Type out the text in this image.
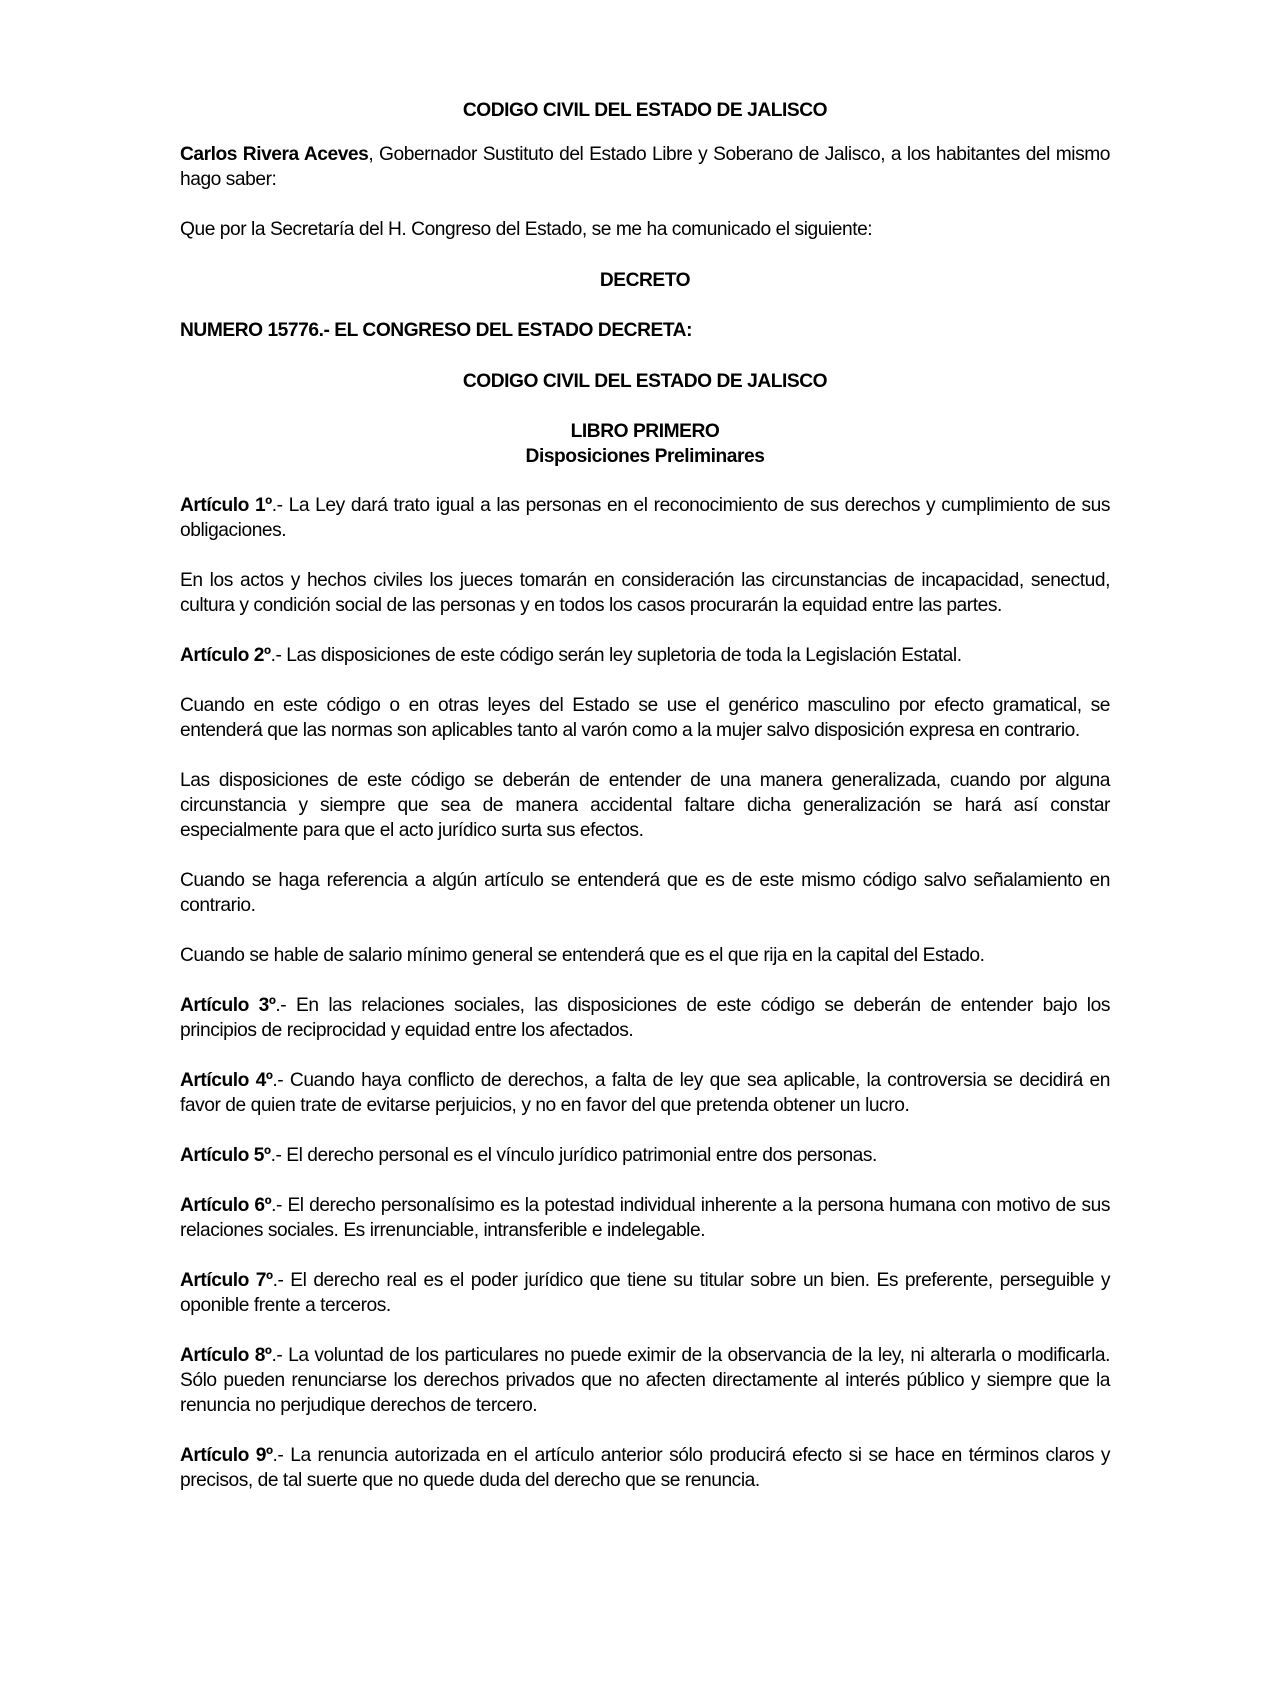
CODIGO CIVIL DEL ESTADO DE JALISCO

Carlos Rivera Aceves, Gobernador Sustituto del Estado Libre y Soberano de Jalisco, a los habitantes del mismo hago saber:

Que por la Secretaría del H. Congreso del Estado, se me ha comunicado el siguiente:

DECRETO
NUMERO 15776.- EL CONGRESO DEL ESTADO DECRETA:
CODIGO CIVIL DEL ESTADO DE JALISCO
LIBRO PRIMERO
Disposiciones Preliminares

Artículo 1º.- La Ley dará trato igual a las personas en el reconocimiento de sus derechos y cumplimiento de sus obligaciones.

En los actos y hechos civiles los jueces tomarán en consideración las circunstancias de incapacidad, senectud, cultura y condición social de las personas y en todos los casos procurarán la equidad entre las partes.

Artículo 2º.- Las disposiciones de este código serán ley supletoria de toda la Legislación Estatal.

Cuando en este código o en otras leyes del Estado se use el genérico masculino por efecto gramatical, se entenderá que las normas son aplicables tanto al varón como a la mujer salvo disposición expresa en contrario.

Las disposiciones de este código se deberán de entender de una manera generalizada, cuando por alguna circunstancia y siempre que sea de manera accidental faltare dicha generalización se hará así constar especialmente para que el acto jurídico surta sus efectos.

Cuando se haga referencia a algún artículo se entenderá que es de este mismo código salvo señalamiento en contrario.

Cuando se hable de salario mínimo general se entenderá que es el que rija en la capital del Estado.

Artículo 3º.- En las relaciones sociales, las disposiciones de este código se deberán de entender bajo los principios de reciprocidad y equidad entre los afectados.

Artículo 4º.- Cuando haya conflicto de derechos, a falta de ley que sea aplicable, la controversia se decidirá en favor de quien trate de evitarse perjuicios, y no en favor del que pretenda obtener un lucro.

Artículo 5º.- El derecho personal es el vínculo jurídico patrimonial entre dos personas.

Artículo 6º.- El derecho personalísimo es la potestad individual inherente a la persona humana con motivo de sus relaciones sociales. Es irrenunciable, intransferible e indelegable.

Artículo 7º.- El derecho real es el poder jurídico que tiene su titular sobre un bien. Es preferente, perseguible y oponible frente a terceros.

Artículo 8º.- La voluntad de los particulares no puede eximir de la observancia de la ley, ni alterarla o modificarla. Sólo pueden renunciarse los derechos privados que no afecten directamente al interés público y siempre que la renuncia no perjudique derechos de tercero.

Artículo 9º.- La renuncia autorizada en el artículo anterior sólo producirá efecto si se hace en términos claros y precisos, de tal suerte que no quede duda del derecho que se renuncia.
